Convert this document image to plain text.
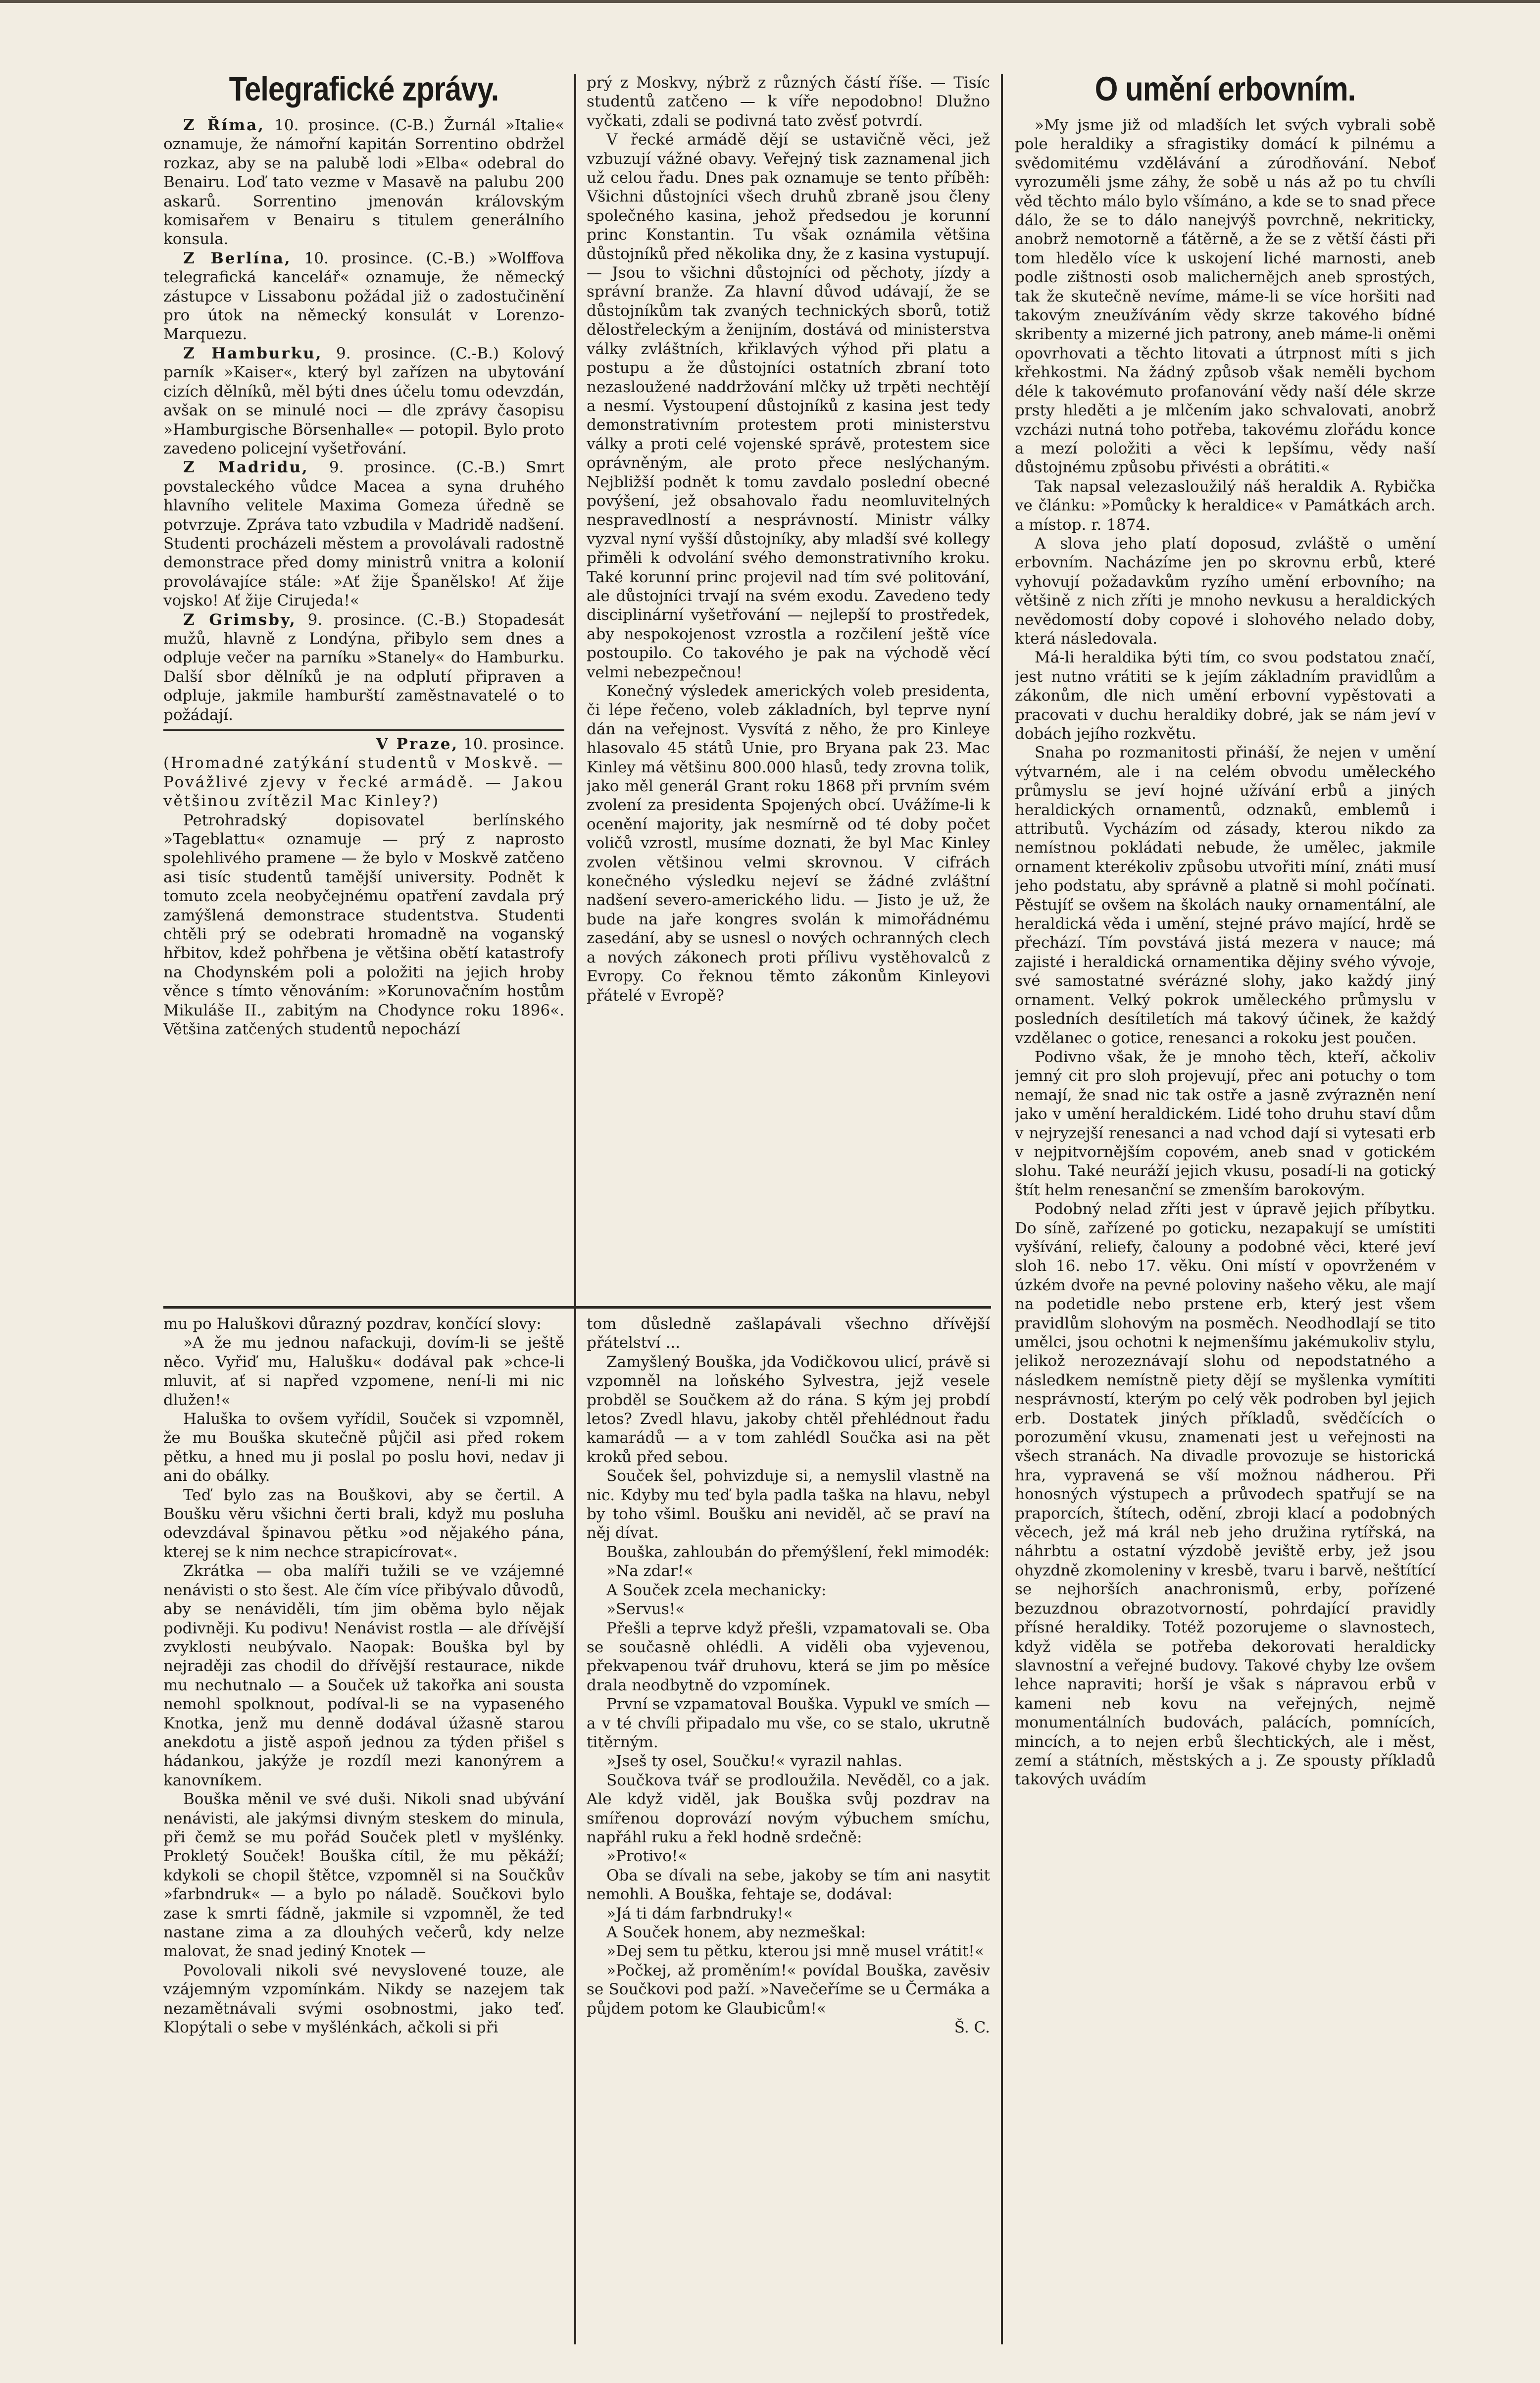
Telegrafické zprávy.

Z Říma, 10. prosince. (C-B.) Žurnál »Italie« oznamuje, že námořní kapitán Sorrentino obdržel rozkaz, aby se na palubě lodi »Elba« odebral do Benairu. Loď tato vezme v Masavě na palubu 200 askarů. Sorrentino jmenován královským komisařem v Benairu s titulem generálního konsula.

Z Berlína, 10. prosince. (C.-B.) »Wolffova telegrafická kancelář« oznamuje, že německý zástupce v Lissabonu požádal již o zadostučinění pro útok na německý konsulát v Lorenzo-Marquezu.

Z Hamburku, 9. prosince. (C.-B.) Kolový parník »Kaiser«, který byl zařízen na ubytování cizích dělníků, měl býti dnes účelu tomu odevzdán, avšak on se minulé noci — dle zprávy časopisu »Hamburgische Börsenhalle« — potopil. Bylo proto zavedeno policejní vyšetřování.

Z Madridu, 9. prosince. (C.-B.) Smrt povstaleckého vůdce Macea a syna druhého hlavního velitele Maxima Gomeza úředně se potvrzuje. Zpráva tato vzbudila v Madridě nadšení. Studenti procházeli městem a provolávali radostně demonstrace před domy ministrů vnitra a kolonií provolávajíce stále: »Ať žije Španělsko! Ať žije vojsko! Ať žije Cirujeda!«

Z Grimsby, 9. prosince. (C.-B.) Stopadesát mužů, hlavně z Londýna, přibylo sem dnes a odpluje večer na parníku »Stanely« do Hamburku. Další sbor dělníků je na odplutí připraven a odpluje, jakmile hamburští zaměstnavatelé o to požádají.

V Praze, 10. prosince.

(Hromadné zatýkání studentů v Moskvě. — Povážlivé zjevy v řecké armádě. — Jakou většinou zvítězil Mac Kinley?)

Petrohradský dopisovatel berlínského »Tageblattu« oznamuje — prý z naprosto spolehlivého pramene — že bylo v Moskvě zatčeno asi tisíc studentů tamější university. Podnět k tomuto zcela neobyčejnému opatření zavdala prý zamýšlená demonstrace studentstva. Studenti chtěli prý se odebrati hromadně na voganský hřbitov, kdež pohřbena je většina obětí katastrofy na Chodynském poli a položiti na jejich hroby věnce s tímto věnováním: »Korunovačním hostům Mikuláše II., zabitým na Chodynce roku 1896«. Většina zatčených studentů nepochází

prý z Moskvy, nýbrž z různých částí říše. — Tisíc studentů zatčeno — k víře nepodobno! Dlužno vyčkati, zdali se podivná tato zvěsť potvrdí.

V řecké armádě dějí se ustavičně věci, jež vzbuzují vážné obavy. Veřejný tisk zaznamenal jich už celou řadu. Dnes pak oznamuje se tento příběh: Všichni důstojníci všech druhů zbraně jsou členy společného kasina, jehož předsedou je korunní princ Konstantin. Tu však oznámila většina důstojníků před několika dny, že z kasina vystupují. — Jsou to všichni důstojníci od pěchoty, jízdy a správní branže. Za hlavní důvod udávají, že se důstojníkům tak zvaných technických sborů, totiž dělostřeleckým a ženijním, dostává od ministerstva války zvláštních, křiklavých výhod při platu a postupu a že důstojníci ostatních zbraní toto nezasloužené naddržování mlčky už trpěti nechtějí a nesmí. Vystoupení důstojníků z kasina jest tedy demonstrativním protestem proti ministerstvu války a proti celé vojenské správě, protestem sice oprávněným, ale proto přece neslýchaným. Nejbližší podnět k tomu zavdalo poslední obecné povýšení, jež obsahovalo řadu neomluvitelných nespravedlností a nesprávností. Ministr války vyzval nyní vyšší důstojníky, aby mladší své kollegy přiměli k odvolání svého demonstrativního kroku. Také korunní princ projevil nad tím své politování, ale důstojníci trvají na svém exodu. Zavedeno tedy disciplinární vyšetřování — nejlepší to prostředek, aby nespokojenost vzrostla a rozčilení ještě více postoupilo. Co takového je pak na východě věcí velmi nebezpečnou!

Konečný výsledek amerických voleb presidenta, či lépe řečeno, voleb základních, byl teprve nyní dán na veřejnost. Vysvítá z něho, že pro Kinleye hlasovalo 45 států Unie, pro Bryana pak 23. Mac Kinley má většinu 800.000 hlasů, tedy zrovna tolik, jako měl generál Grant roku 1868 při prvním svém zvolení za presidenta Spojených obcí. Uvážíme-li k ocenění majority, jak nesmírně od té doby počet voličů vzrostl, musíme doznati, že byl Mac Kinley zvolen většinou velmi skrovnou. V cifrách konečného výsledku nejeví se žádné zvláštní nadšení severo-amerického lidu. — Jisto je už, že bude na jaře kongres svolán k mimořádnému zasedání, aby se usnesl o nových ochranných clech a nových zákonech proti přílivu vystěhovalců z Evropy. Co řeknou těmto zákonům Kinleyovi přátelé v Evropě?

O umění erbovním.

»My jsme již od mladších let svých vybrali sobě pole heraldiky a sfragistiky domácí k pilnému a svědomitému vzdělávání a zúrodňování. Neboť vyrozuměli jsme záhy, že sobě u nás až po tu chvíli věd těchto málo bylo všímáno, a kde se to snad přece dálo, že se to dálo nanejvýš povrchně, nekriticky, anobrž nemotorně a ťátěrně, a že se z větší části při tom hledělo více k uskojení liché marnosti, aneb podle zištnosti osob malichernějch aneb sprostých, tak že skutečně nevíme, máme-li se více horšiti nad takovým zneužíváním vědy skrze takového bídné skribenty a mizerné jich patrony, aneb máme-li oněmi opovrhovati a těchto litovati a útrpnost míti s jich křehkostmi. Na žádný způsob však neměli bychom déle k takovémuto profanování vědy naší déle skrze prsty hleděti a je mlčením jako schvalovati, anobrž vzcházi nutná toho potřeba, takovému zlořádu konce a mezí položiti a věci k lepšímu, vědy naší důstojnému způsobu přivésti a obrátiti.«

Tak napsal velezasloužilý náš heraldik A. Rybička ve článku: »Pomůcky k heraldice« v Památkách arch. a místop. r. 1874.

A slova jeho platí doposud, zvláště o umění erbovním. Nacházíme jen po skrovnu erbů, které vyhovují požadavkům ryzího umění erbovního; na většině z nich zříti je mnoho nevkusu a heraldických nevědomostí doby copové i slohového nelado doby, která následovala.

Má-li heraldika býti tím, co svou podstatou značí, jest nutno vrátiti se k jejím základním pravidlům a zákonům, dle nich umění erbovní vypěstovati a pracovati v duchu heraldiky dobré, jak se nám jeví v dobách jejího rozkvětu.

Snaha po rozmanitosti přináší, že nejen v umění výtvarném, ale i na celém obvodu uměleckého průmyslu se jeví hojné užívání erbů a jiných heraldických ornamentů, odznaků, emblemů i attributů. Vycházím od zásady, kterou nikdo za nemístnou pokládati nebude, že umělec, jakmile ornament kterékoliv způsobu utvořiti míní, znáti musí jeho podstatu, aby správně a platně si mohl počínati. Pěstujíť se ovšem na školách nauky ornamentální, ale heraldická věda i umění, stejné právo mající, hrdě se přechází. Tím povstává jistá mezera v nauce; má zajisté i heraldická ornamentika dějiny svého vývoje, své samostatné svérázné slohy, jako každý jiný ornament. Velký pokrok uměleckého průmyslu v posledních desítiletích má takový účinek, že každý vzdělanec o gotice, renesanci a rokoku jest poučen.

Podivno však, že je mnoho těch, kteří, ačkoliv jemný cit pro sloh projevují, přec ani potuchy o tom nemají, že snad nic tak ostře a jasně zvýrazněn není jako v umění heraldickém. Lidé toho druhu staví dům v nejryzejší renesanci a nad vchod dají si vytesati erb v nejpitvornějším copovém, aneb snad v gotickém slohu. Také neuráží jejich vkusu, posadí-li na gotický štít helm renesanční se zmenším barokovým.

Podobný nelad zříti jest v úpravě jejich příbytku. Do síně, zařízené po goticku, nezapakují se umístiti vyšívání, reliefy, čalouny a podobné věci, které jeví sloh 16. nebo 17. věku. Oni místí v opovrženém v úzkém dvoře na pevné poloviny našeho věku, ale mají na podetidle nebo prstene erb, který jest všem pravidlům slohovým na posměch. Neodhodlají se tito umělci, jsou ochotni k nejmenšímu jakémukoliv stylu, jelikož nerozeznávají slohu od nepodstatného a následkem nemístně piety dějí se myšlenka vymítiti nesprávností, kterým po celý věk podroben byl jejich erb. Dostatek jiných příkladů, svědčících o porozumění vkusu, znamenati jest u veřejnosti na všech stranách. Na divadle provozuje se historická hra, vypravená se vší možnou nádherou. Při honosných výstupech a průvodech spatřují se na praporcích, štítech, odění, zbroji klací a podobných věcech, jež má král neb jeho družina rytířská, na náhrbtu a ostatní výzdobě jeviště erby, jež jsou ohyzdně zkomoleniny v kresbě, tvaru i barvě, neštítící se nejhorších anachronismů, erby, pořízené bezuzdnou obrazotvorností, pohrdající pravidly přísné heraldiky. Totéž pozorujeme o slavnostech, když viděla se potřeba dekorovati heraldicky slavnostní a veřejné budovy. Takové chyby lze ovšem lehce napraviti; horší je však s nápravou erbů v kameni neb kovu na veřejných, nejmě monumentálních budovách, palácích, pomnících, mincích, a to nejen erbů šlechtických, ale i měst, zemí a státních, městských a j. Ze spousty příkladů takových uvádím

mu po Haluškovi důrazný pozdrav, končící slovy:

»A že mu jednou nafackuji, dovím-li se ještě něco. Vyřiď mu, Halušku« dodával pak »chce-li mluvit, ať si napřed vzpomene, není-li mi nic dlužen!«

Haluška to ovšem vyřídil, Souček si vzpomněl, že mu Bouška skutečně půjčil asi před rokem pětku, a hned mu ji poslal po poslu hovi, nedav ji ani do obálky.

Teď bylo zas na Bouškovi, aby se čertil. A Boušku věru všichni čerti brali, když mu posluha odevzdával špinavou pětku »od nějakého pána, kterej se k nim nechce strapicírovat«.

Zkrátka — oba malíři tužili se ve vzájemné nenávisti o sto šest. Ale čím více přibývalo důvodů, aby se nenáviděli, tím jim oběma bylo nějak podivněji. Ku podivu! Nenávist rostla — ale dřívější zvyklosti neubývalo. Naopak: Bouška byl by nejraději zas chodil do dřívější restaurace, nikde mu nechutnalo — a Souček už takořka ani sousta nemohl spolknout, podíval-li se na vypaseného Knotka, jenž mu denně dodával úžasně starou anekdotu a jistě aspoň jednou za týden přišel s hádankou, jakýže je rozdíl mezi kanonýrem a kanovníkem.

Bouška měnil ve své duši. Nikoli snad ubývání nenávisti, ale jakýmsi divným steskem do minula, při čemž se mu pořád Souček pletl v myšlénky. Prokletý Souček! Bouška cítil, že mu pěkáží; kdykoli se chopil štětce, vzpomněl si na Součkův »farbndruk« — a bylo po náladě. Součkovi bylo zase k smrti fádně, jakmile si vzpomněl, že teď nastane zima a za dlouhých večerů, kdy nelze malovat, že snad jediný Knotek —

Povolovali nikoli své nevyslovené touze, ale vzájemným vzpomínkám. Nikdy se nazejem tak nezamětnávali svými osobnostmi, jako teď. Klopýtali o sebe v myšlénkách, ačkoli si při

tom důsledně zašlapávali všechno dřívější přátelství ...

Zamyšlený Bouška, jda Vodičkovou ulicí, právě si vzpomněl na loňského Sylvestra, jejž vesele probděl se Součkem až do rána. S kým jej probdí letos? Zvedl hlavu, jakoby chtěl přehlédnout řadu kamarádů — a v tom zahlédl Součka asi na pět kroků před sebou.

Souček šel, pohvizduje si, a nemyslil vlastně na nic. Kdyby mu teď byla padla taška na hlavu, nebyl by toho všiml. Boušku ani neviděl, ač se praví na něj dívat.

Bouška, zahloubán do přemýšlení, řekl mimodék:

»Na zdar!«

A Souček zcela mechanicky:

»Servus!«

Přešli a teprve když přešli, vzpamatovali se. Oba se současně ohlédli. A viděli oba vyjevenou, překvapenou tvář druhovu, která se jim po měsíce drala neodbytně do vzpomínek.

První se vzpamatoval Bouška. Vypukl ve smích — a v té chvíli připadalo mu vše, co se stalo, ukrutně titěrným.

»Jseš ty osel, Součku!« vyrazil nahlas.

Součkova tvář se prodloužila. Nevěděl, co a jak. Ale když viděl, jak Bouška svůj pozdrav na smířenou doprovází novým výbuchem smíchu, napřáhl ruku a řekl hodně srdečně:

»Protivo!«

Oba se dívali na sebe, jakoby se tím ani nasytit nemohli. A Bouška, fehtaje se, dodával:

»Já ti dám farbndruky!«

A Souček honem, aby nezmeškal:

»Dej sem tu pětku, kterou jsi mně musel vrátit!«

»Počkej, až proměním!« povídal Bouška, zavěsiv se Součkovi pod paží. »Navečeříme se u Čermáka a půjdem potom ke Glaubicům!«

Š. C.
